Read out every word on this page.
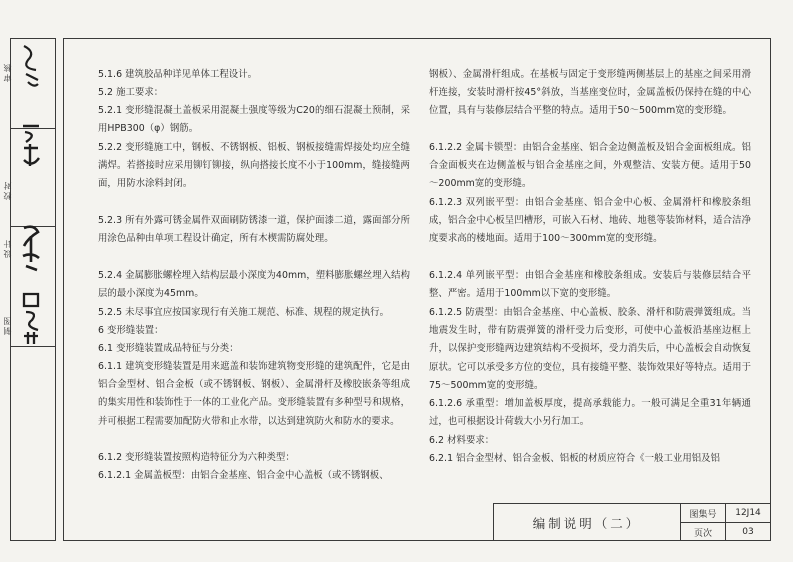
审核
校对
设计
制图

5.1.6 建筑胶品种详见单体工程设计。

5.2 施工要求：

5.2.1 变形缝混凝土盖板采用混凝土强度等级为C20的细石混凝土预制，采用HPB300（φ）钢筋。

5.2.2 变形缝施工中，钢板、不锈钢板、铝板、钢板接缝需焊接处均应全缝满焊。若搭接时应采用铆钉铆接，纵向搭接长度不小于100mm，缝接缝两面，用防水涂料封闭。

5.2.3 所有外露可锈金属件双面刷防锈漆一道，保护面漆二道，露面部分所用涂色品种由单项工程设计确定，所有木楔需防腐处理。

5.2.4 金属膨胀螺栓埋入结构层最小深度为40mm，塑料膨胀螺丝埋入结构层的最小深度为45mm。

5.2.5 未尽事宜应按国家现行有关施工规范、标准、规程的规定执行。

6 变形缝装置：

6.1 变形缝装置成品特征与分类：

6.1.1 建筑变形缝装置是用来遮盖和装饰建筑物变形缝的建筑配件，它是由铝合金型材、铝合金板（或不锈钢板、钢板）、金属滑杆及橡胶嵌条等组成的集实用性和装饰性于一体的工业化产品。变形缝装置有多种型号和规格，并可根据工程需要加配防火带和止水带，以达到建筑防火和防水的要求。

6.1.2 变形缝装置按照构造特征分为六种类型：

6.1.2.1 金属盖板型：由铝合金基座、铝合金中心盖板（或不锈钢板、

钢板）、金属滑杆组成。在基板与固定于变形缝两侧基层上的基座之间采用滑杆连接，安装时滑杆按45°斜放，当基座变位时，金属盖板仍保持在缝的中心位置，具有与装修层结合平整的特点。适用于50～500mm宽的变形缝。

6.1.2.2 金属卡锁型：由铝合金基座、铝合金边侧盖板及铝合金面板组成。铝合金面板夹在边侧盖板与铝合金基座之间，外观整洁、安装方便。适用于50～200mm宽的变形缝。

6.1.2.3 双列嵌平型：由铝合金基座、铝合金中心板、金属滑杆和橡胶条组成，铝合金中心板呈凹槽形，可嵌入石材、地砖、地毯等装饰材料，适合洁净度要求高的楼地面。适用于100～300mm宽的变形缝。

6.1.2.4 单列嵌平型：由铝合金基座和橡胶条组成。安装后与装修层结合平整、严密。适用于100mm以下宽的变形缝。

6.1.2.5 防震型：由铝合金基座、中心盖板、胶条、滑杆和防震弹簧组成。当地震发生时，带有防震弹簧的滑杆受力后变形，可使中心盖板沿基座边框上升，以保护变形缝两边建筑结构不受损坏，受力消失后，中心盖板会自动恢复原状。它可以承受多方位的变位，具有接缝平整、装饰效果好等特点。适用于75～500mm宽的变形缝。

6.1.2.6 承重型：增加盖板厚度，提高承载能力。一般可满足全重31年辆通过，也可根据设计荷载大小另行加工。

6.2 材料要求：

6.2.1 铝合金型材、铝合金板、铝板的材质应符合《一般工业用铝及铝

编制说明（二）
图集号	12J14
页次	03
